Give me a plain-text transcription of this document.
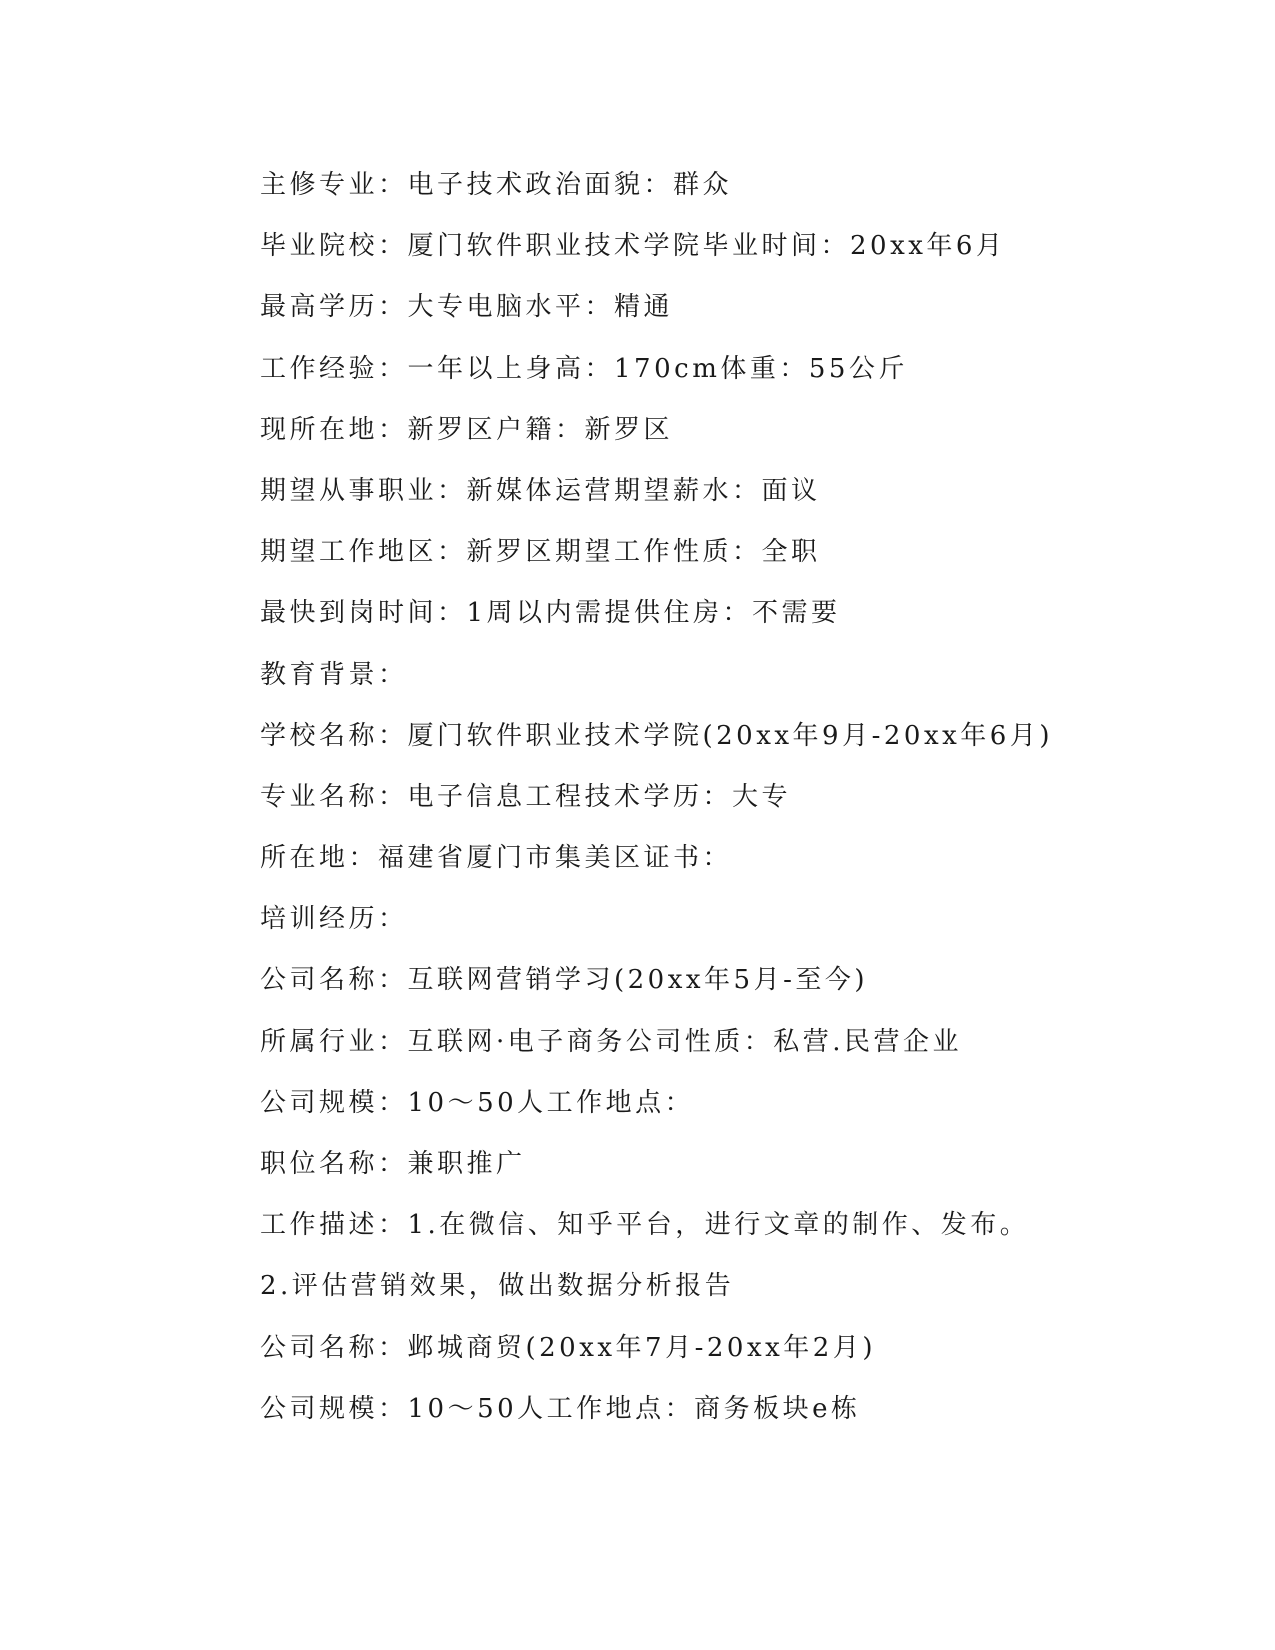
主修专业：电子技术政治面貌：群众
毕业院校：厦门软件职业技术学院毕业时间：20xx年6月
最高学历：大专电脑水平：精通
工作经验：一年以上身高：170cm体重：55公斤
现所在地：新罗区户籍：新罗区
期望从事职业：新媒体运营期望薪水：面议
期望工作地区：新罗区期望工作性质：全职
最快到岗时间：1周以内需提供住房：不需要
教育背景：
学校名称：厦门软件职业技术学院(20xx年9月-20xx年6月)
专业名称：电子信息工程技术学历：大专
所在地：福建省厦门市集美区证书：
培训经历：
公司名称：互联网营销学习(20xx年5月-至今)
所属行业：互联网·电子商务公司性质：私营.民营企业
公司规模：10～50人工作地点：
职位名称：兼职推广
工作描述：1.在微信、知乎平台，进行文章的制作、发布。
2.评估营销效果，做出数据分析报告
公司名称：邺城商贸(20xx年7月-20xx年2月)
公司规模：10～50人工作地点：商务板块e栋
